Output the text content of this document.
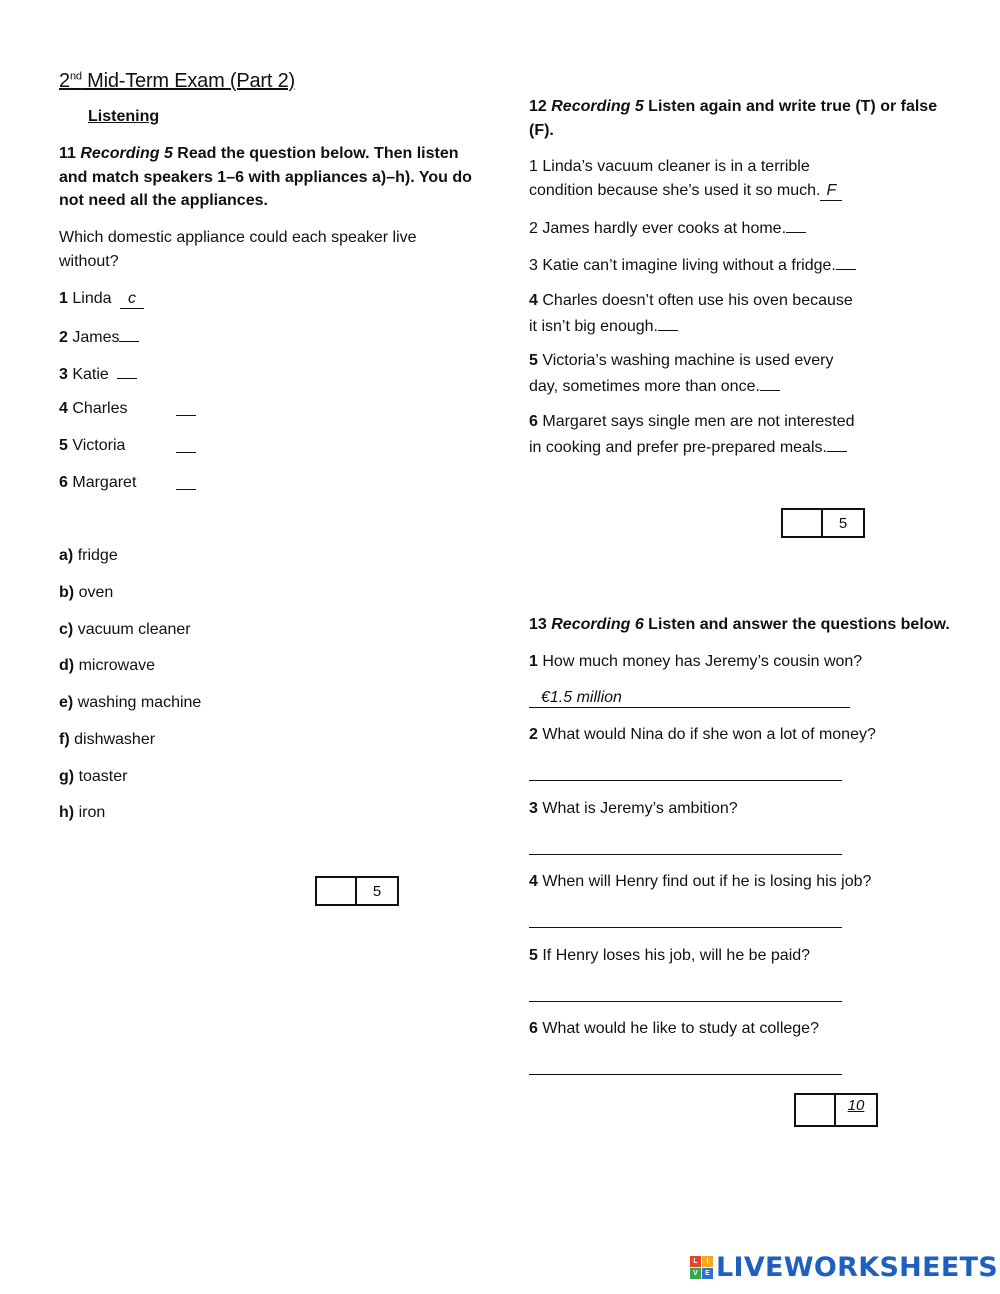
2nd Mid-Term Exam (Part 2)
Listening
11 Recording 5 Read the question below. Then listen
and match speakers 1–6 with appliances a)–h). You do
not need all the appliances.
Which domestic appliance could each speaker live
without?
1 Linda c
2 James
3 Katie
4 Charles
5 Victoria
6 Margaret
a) fridge
b) oven
c) vacuum cleaner
d) microwave
e) washing machine
f) dishwasher
g) toaster
h) iron
5
12 Recording 5 Listen again and write true (T) or false
(F).
1 Linda’s vacuum cleaner is in a terrible
condition because she’s used it so much. F
2 James hardly ever cooks at home.
3 Katie can’t imagine living without a fridge.
4 Charles doesn’t often use his oven because
it isn’t big enough.
5 Victoria’s washing machine is used every
day, sometimes more than once.
6 Margaret says single men are not interested
in cooking and prefer pre-prepared meals.
5
13 Recording 6 Listen and answer the questions below.
1 How much money has Jeremy’s cousin won?
€1.5 million
2 What would Nina do if she won a lot of money?
3 What is Jeremy’s ambition?
4 When will Henry find out if he is losing his job?
5 If Henry loses his job, will he be paid?
6 What would he like to study at college?
10
L	I
V	E LIVEWORKSHEETS
